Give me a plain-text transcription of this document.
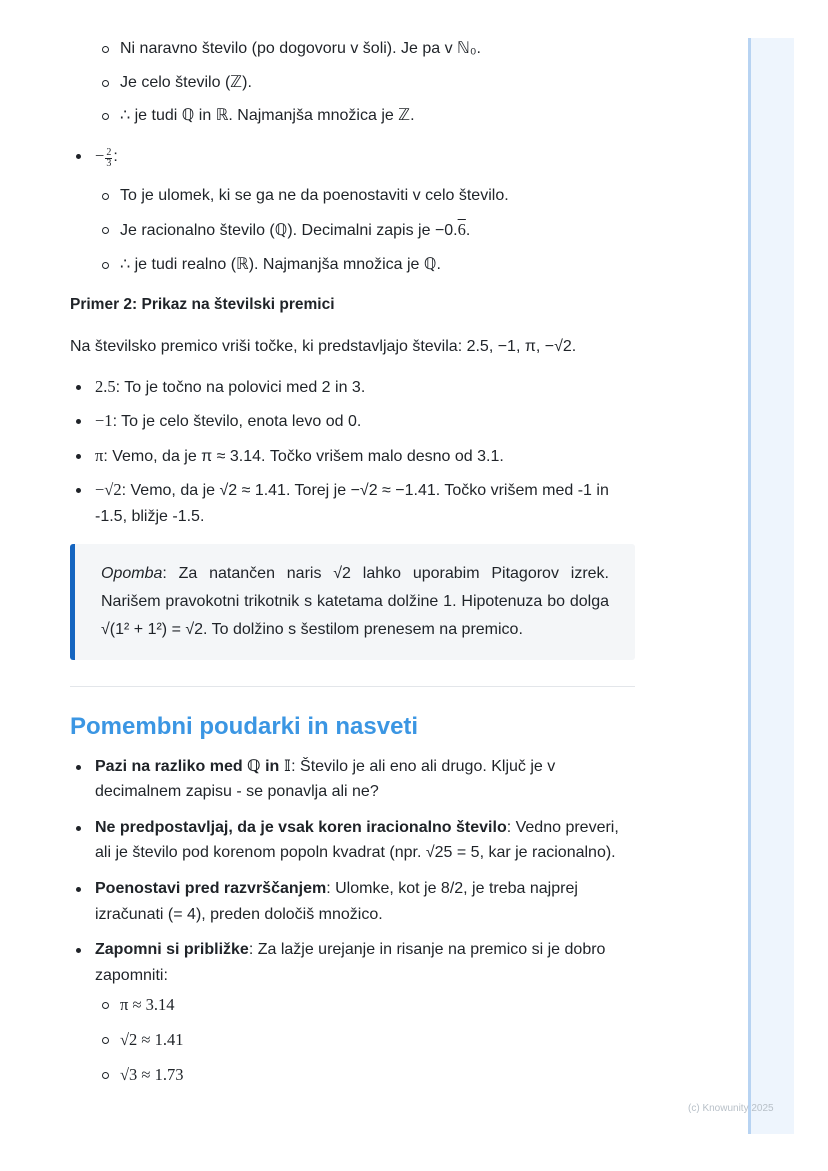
(c) Knowunity 2025
Ni naravno število (po dogovoru v šoli). Je pa v ℕ₀.
Je celo število (ℤ).
∴ je tudi ℚ in ℝ. Najmanjša množica je ℤ.
− $\frac{2}{3}$ :
To je ulomek, ki se ga ne da poenostaviti v celo število.
Je racionalno število (ℚ). Decimalni zapis je −0.6.
∴ je tudi realno (ℝ). Najmanjša množica je ℚ.

Primer 2: Prikaz na številski premici

Na številsko premico vriši točke, ki predstavljajo števila: 2.5, −1, π, −√2.

2.5: To je točno na polovici med 2 in 3.
−1: To je celo število, enota levo od 0.
π: Vemo, da je π ≈ 3.14. Točko vrišem malo desno od 3.1.
−√2: Vemo, da je √2 ≈ 1.41. Torej je −√2 ≈ −1.41. Točko vrišem med -1 in -1.5, bližje -1.5.
Opomba: Za natančen naris √2 lahko uporabim Pitagorov izrek. Narišem pravokotni trikotnik s katetama dolžine 1. Hipotenuza bo dolga √(1² + 1²) = √2. To dolžino s šestilom prenesem na premico.
Pomembni poudarki in nasveti
Pazi na razliko med ℚ in 𝕀: Število je ali eno ali drugo. Ključ je v decimalnem zapisu - se ponavlja ali ne?
Ne predpostavljaj, da je vsak koren iracionalno število: Vedno preveri, ali je število pod korenom popoln kvadrat (npr. √25 = 5, kar je racionalno).
Poenostavi pred razvrščanjem: Ulomke, kot je 8/2, je treba najprej izračunati (= 4), preden določiš množico.
Zapomni si približke: Za lažje urejanje in risanje na premico si je dobro zapomniti:
π ≈ 3.14
√2 ≈ 1.41
√3 ≈ 1.73
